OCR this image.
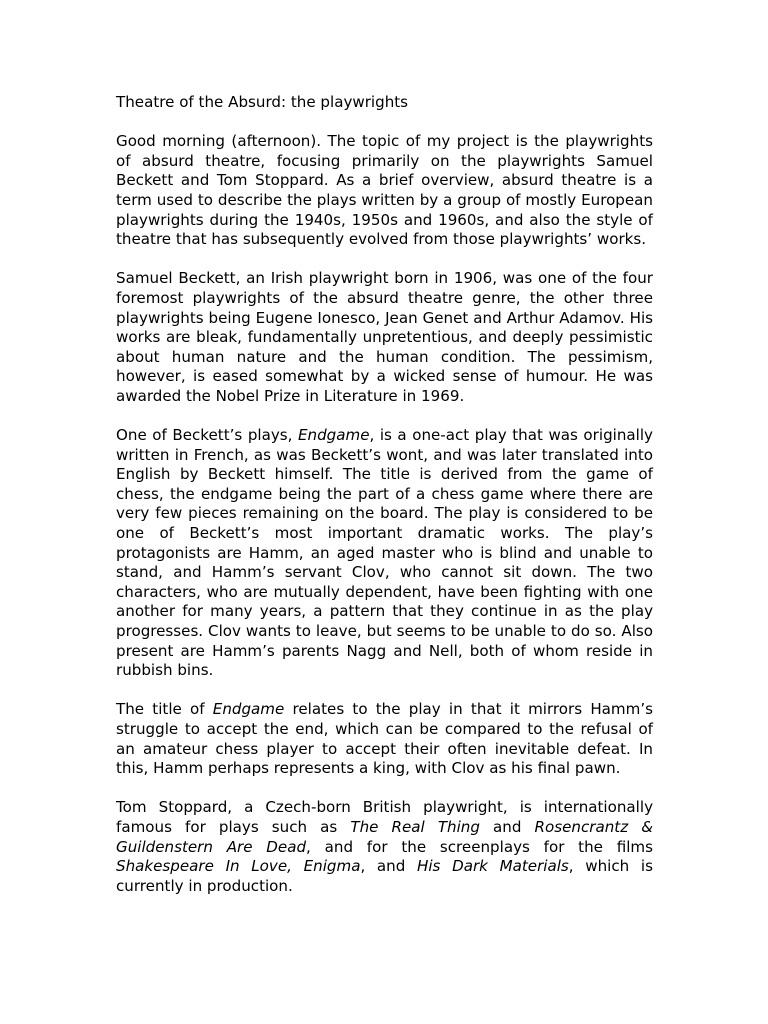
Theatre of the Absurd: the playwrights

Good morning (afternoon). The topic of my project is the playwrights of absurd theatre, focusing primarily on the playwrights Samuel Beckett and Tom Stoppard. As a brief overview, absurd theatre is a term used to describe the plays written by a group of mostly European playwrights during the 1940s, 1950s and 1960s, and also the style of theatre that has subsequently evolved from those playwrights’ works.

Samuel Beckett, an Irish playwright born in 1906, was one of the four foremost playwrights of the absurd theatre genre, the other three playwrights being Eugene Ionesco, Jean Genet and Arthur Adamov. His works are bleak, fundamentally unpretentious, and deeply pessimistic about human nature and the human condition. The pessimism, however, is eased somewhat by a wicked sense of humour. He was awarded the Nobel Prize in Literature in 1969.

One of Beckett’s plays, Endgame, is a one-act play that was originally written in French, as was Beckett’s wont, and was later translated into English by Beckett himself. The title is derived from the game of chess, the endgame being the part of a chess game where there are very few pieces remaining on the board. The play is considered to be one of Beckett’s most important dramatic works. The play’s protagonists are Hamm, an aged master who is blind and unable to stand, and Hamm’s servant Clov, who cannot sit down. The two characters, who are mutually dependent, have been fighting with one another for many years, a pattern that they continue in as the play progresses. Clov wants to leave, but seems to be unable to do so. Also present are Hamm’s parents Nagg and Nell, both of whom reside in rubbish bins.

The title of Endgame relates to the play in that it mirrors Hamm’s struggle to accept the end, which can be compared to the refusal of an amateur chess player to accept their often inevitable defeat. In this, Hamm perhaps represents a king, with Clov as his final pawn.

Tom Stoppard, a Czech-born British playwright, is internationally famous for plays such as The Real Thing and Rosencrantz & Guildenstern Are Dead, and for the screenplays for the films Shakespeare In Love, Enigma, and His Dark Materials, which is currently in production.
